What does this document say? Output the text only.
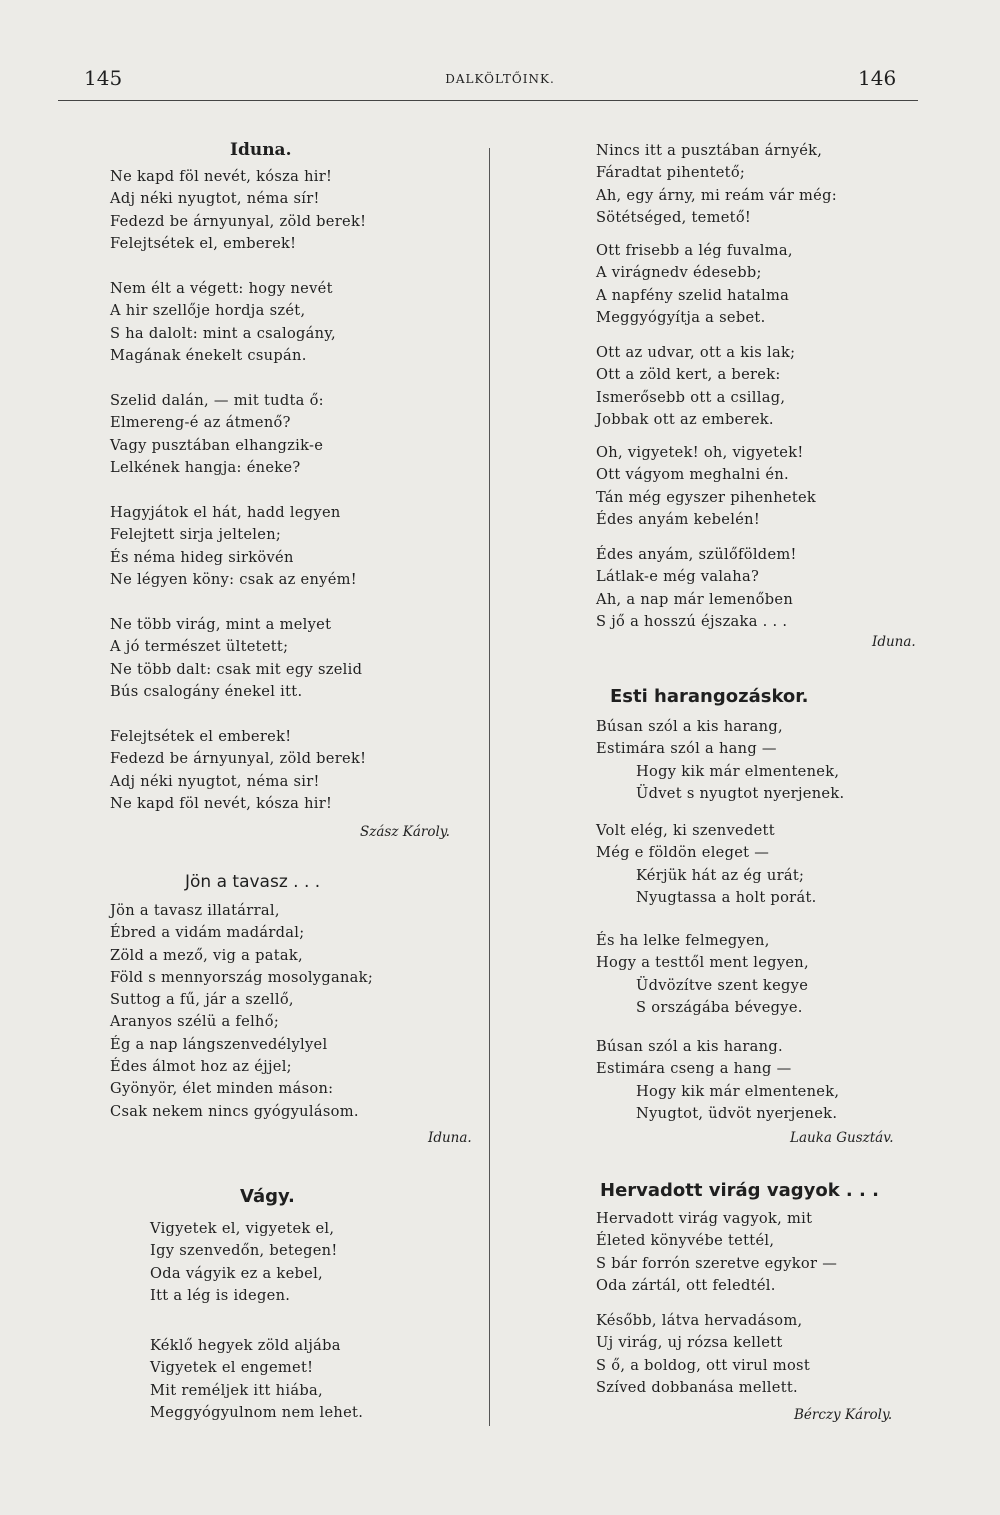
145	DALKÖLTŐINK.	146
Iduna.
Ne kapd föl nevét, kósza hir!
Adj néki nyugtot, néma sír!
Fedezd be árnyunyal, zöld berek!
Felejtsétek el, emberek!
Nem élt a végett: hogy nevét
A hir szellője hordja szét,
S ha dalolt: mint a csalogány,
Magának énekelt csupán.
Szelid dalán, — mit tudta ő:
Elmereng-é az átmenő?
Vagy pusztában elhangzik-e
Lelkének hangja: éneke?
Hagyjátok el hát, hadd legyen
Felejtett sirja jeltelen;
És néma hideg sirkövén
Ne légyen köny: csak az enyém!
Ne több virág, mint a melyet
A jó természet ültetett;
Ne több dalt: csak mit egy szelid
Bús csalogány énekel itt.
Felejtsétek el emberek!
Fedezd be árnyunyal, zöld berek!
Adj néki nyugtot, néma sir!
Ne kapd föl nevét, kósza hir!
Szász Károly.
Jön a tavasz . . .
Jön a tavasz illatárral,
Ébred a vidám madárdal;
Zöld a mező, vig a patak,
Föld s mennyország mosolyganak;
Suttog a fű, jár a szellő,
Aranyos szélü a felhő;
Ég a nap lángszenvedélylyel
Édes álmot hoz az éjjel;
Gyönyör, élet minden máson:
Csak nekem nincs gyógyulásom.
Iduna.
Vágy.
Vigyetek el, vigyetek el,
Igy szenvedőn, betegen!
Oda vágyik ez a kebel,
Itt a lég is idegen.
Kéklő hegyek zöld aljába
Vigyetek el engemet!
Mit reméljek itt hiába,
Meggyógyulnom nem lehet.
Nincs itt a pusztában árnyék,
Fáradtat pihentető;
Ah, egy árny, mi reám vár még:
Sötétséged, temető!
Ott frisebb a lég fuvalma,
A virágnedv édesebb;
A napfény szelid hatalma
Meggyógyítja a sebet.
Ott az udvar, ott a kis lak;
Ott a zöld kert, a berek:
Ismerősebb ott a csillag,
Jobbak ott az emberek.
Oh, vigyetek! oh, vigyetek!
Ott vágyom meghalni én.
Tán még egyszer pihenhetek
Édes anyám kebelén!
Édes anyám, szülőföldem!
Látlak-e még valaha?
Ah, a nap már lemenőben
S jő a hosszú éjszaka . . .
Iduna.
Esti harangozáskor.
Búsan szól a kis harang,
Estimára szól a hang —
Hogy kik már elmentenek,
Üdvet s nyugtot nyerjenek.
Volt elég, ki szenvedett
Még e földön eleget —
Kérjük hát az ég urát;
Nyugtassa a holt porát.
És ha lelke felmegyen,
Hogy a testtől ment legyen,
Üdvözítve szent kegye
S országába bévegye.
Búsan szól a kis harang.
Estimára cseng a hang —
Hogy kik már elmentenek,
Nyugtot, üdvöt nyerjenek.
Lauka Gusztáv.
Hervadott virág vagyok . . .
Hervadott virág vagyok, mit
Életed könyvébe tettél,
S bár forrón szeretve egykor —
Oda zártál, ott feledtél.
Később, látva hervadásom,
Uj virág, uj rózsa kellett
S ő, a boldog, ott virul most
Szíved dobbanása mellett.
Bérczy Károly.
